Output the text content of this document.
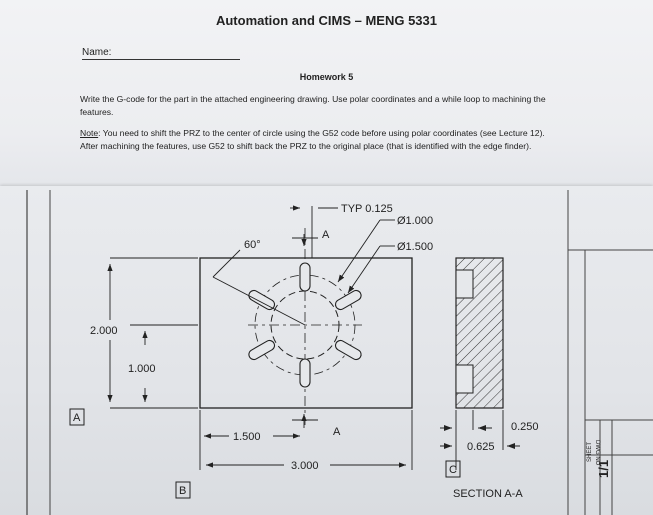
Automation and CIMS – MENG 5331
Name:
Homework 5
Write the G-code for the part in the attached engineering drawing. Use polar coordinates and a while loop to machining the features.
Note: You need to shift the PRZ to the center of circle using the G52 code before using polar coordinates (see Lecture 12). After machining the features, use G52 to shift back the PRZ to the original place (that is identified with the edge finder).
TYP 0.125
Ø1.000
Ø1.500
60°
A
A
2.000
1.000
1.500
3.000
0.250
0.625
A
B
C
SECTION A-A
DWG NO
SHEET
1/1
